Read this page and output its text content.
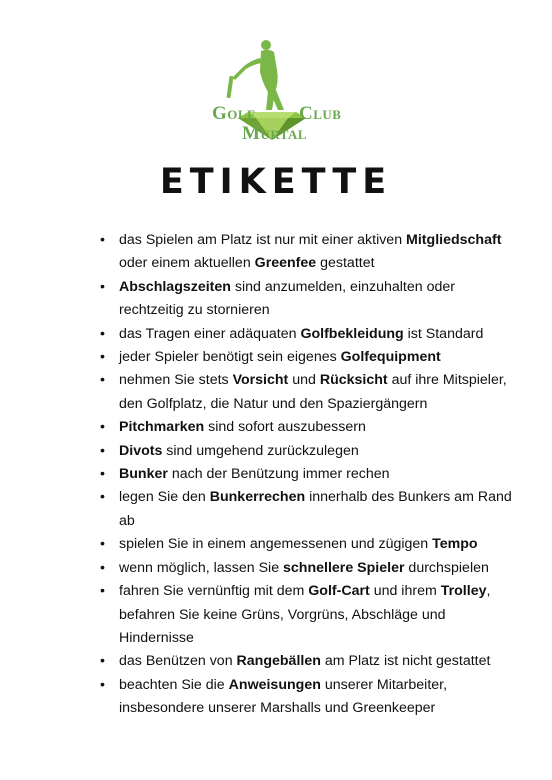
Golf Club
Murtal
ETIKETTE
• das Spielen am Platz ist nur mit einer aktiven Mitgliedschaft oder einem aktuellen Greenfee gestattet
• Abschlagszeiten sind anzumelden, einzuhalten oder rechtzeitig zu stornieren
• das Tragen einer adäquaten Golfbekleidung ist Standard
• jeder Spieler benötigt sein eigenes Golfequipment
• nehmen Sie stets Vorsicht und Rücksicht auf ihre Mitspieler, den Golfplatz, die Natur und den Spaziergängern
• Pitchmarken sind sofort auszubessern
• Divots sind umgehend zurückzulegen
• Bunker nach der Benützung immer rechen
• legen Sie den Bunkerrechen innerhalb des Bunkers am Rand ab
• spielen Sie in einem angemessenen und zügigen Tempo
• wenn möglich, lassen Sie schnellere Spieler durchspielen
• fahren Sie vernünftig mit dem Golf-Cart und ihrem Trolley, befahren Sie keine Grüns, Vorgrüns, Abschläge und Hindernisse
• das Benützen von Rangebällen am Platz ist nicht gestattet
• beachten Sie die Anweisungen unserer Mitarbeiter, insbesondere unserer Marshalls und Greenkeeper
